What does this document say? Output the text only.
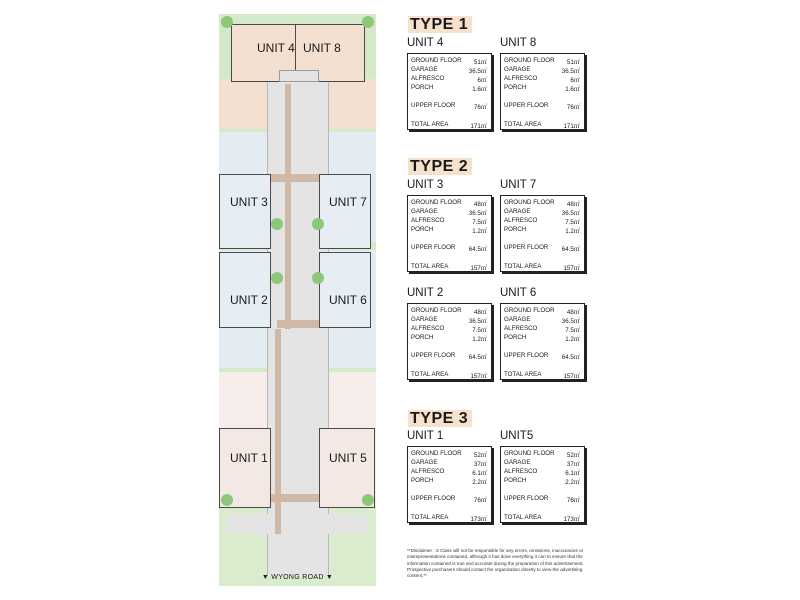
UNIT 4 UNIT 8
UNIT 3	UNIT 7
UNIT 2	UNIT 6
UNIT 1	UNIT 5
▼ WYONG ROAD ▼
TYPE 1
UNIT 4	UNIT 8
GROUND FLOOR 51㎡
GARAGE	36.5㎡
ALFRESCO	6㎡
PORCH	1.6㎡
UPPER FLOOR	76㎡
TOTAL AREA	171㎡
GROUND FLOOR 51㎡
GARAGE	36.5㎡
ALFRESCO	6㎡
PORCH	1.6㎡
UPPER FLOOR	76㎡
TOTAL AREA	171㎡
TYPE 2
UNIT 3	UNIT 7
GROUND FLOOR 48㎡
GARAGE	36.5㎡
ALFRESCO	7.5㎡
PORCH	1.2㎡
UPPER FLOOR 64.5㎡
TOTAL AREA	157㎡
GROUND FLOOR 48㎡
GARAGE	36.5㎡
ALFRESCO	7.5㎡
PORCH	1.2㎡
UPPER FLOOR 64.5㎡
TOTAL AREA	157㎡
UNIT 2	UNIT 6
GROUND FLOOR 48㎡
GARAGE	36.5㎡
ALFRESCO	7.5㎡
PORCH	1.2㎡
UPPER FLOOR 64.5㎡
TOTAL AREA	157㎡
GROUND FLOOR 48㎡
GARAGE	36.5㎡
ALFRESCO	7.5㎡
PORCH	1.2㎡
UPPER FLOOR 64.5㎡
TOTAL AREA	157㎡
TYPE 3
UNIT 1	UNIT5
GROUND FLOOR 52㎡
GARAGE	37㎡
ALFRESCO	6.1㎡
PORCH	2.2㎡
UPPER FLOOR	76㎡
TOTAL AREA	173㎡
GROUND FLOOR 52㎡
GARAGE	37㎡
ALFRESCO	6.1㎡
PORCH	2.2㎡
UPPER FLOOR	76㎡
TOTAL AREA	173㎡
**Disclaimer : S Class will not be responsible for any errors, omissions, inaccuracies or misrepresentations contained, although it has done everything it can to ensure that the information contained is true and accurate during the preparation of this advertisement. Prospective purchasers should contact the organization directly to view the advertising content.**
